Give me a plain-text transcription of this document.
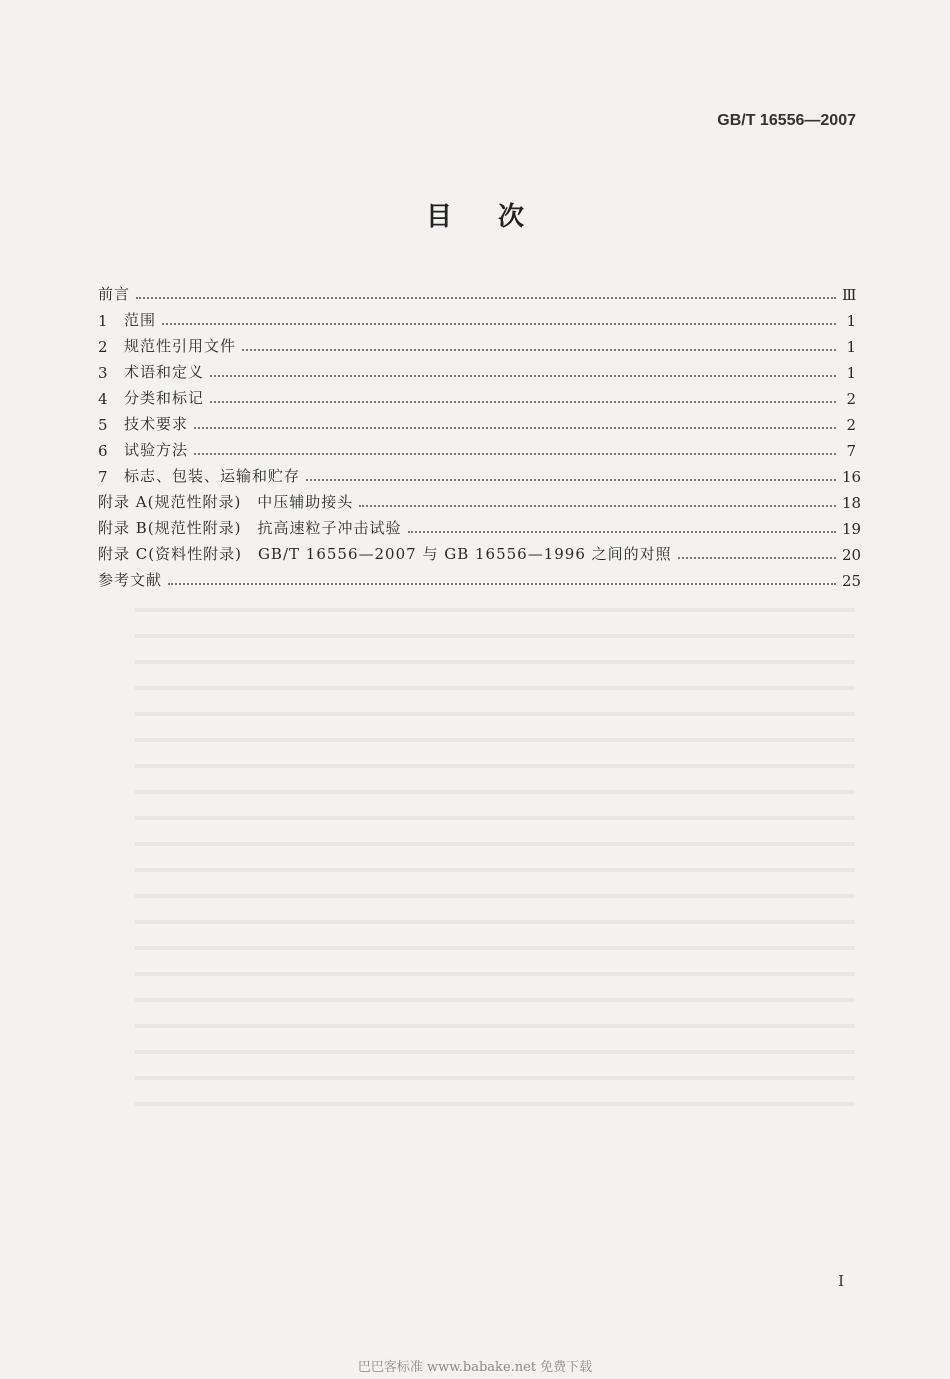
GB/T 16556—2007
目次
前言	Ⅲ
1	范围	1
2	规范性引用文件	1
3	术语和定义	1
4	分类和标记	2
5	技术要求	2
6	试验方法	7
7	标志、包装、运输和贮存	16
附录 A(规范性附录)　中压辅助接头	18
附录 B(规范性附录)　抗高速粒子冲击试验	19
附录 C(资料性附录)　GB/T 16556—2007 与 GB 16556—1996 之间的对照	20
参考文献	25
I
巴巴客标准 www.babake.net 免费下载
